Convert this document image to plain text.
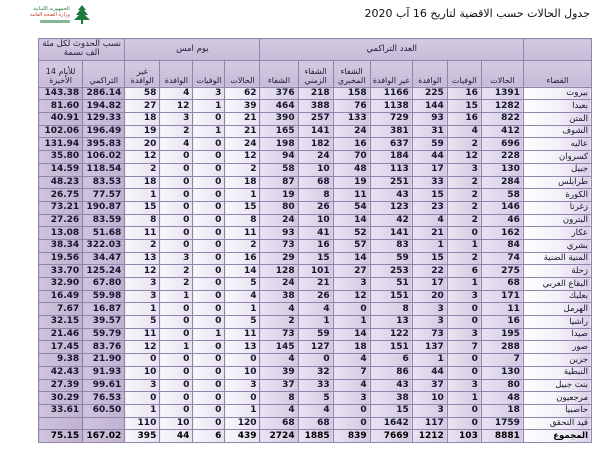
الجمهورية اللبنانية
وزارة الصحة العامة	جدول الحالات حسب الاقضية لتاريخ 16 آب 2020
	العدد التراكمي							يوم امس				نسب الحدوث لكل مئة الف نسمة	
القضاء	الحالات	الوفيات	الوافدة	غير الوافدة	الشفاء المخبري	الشفاء الزمني	الشفاء	الحالات	الوفيات	الوافدة	غير الوافدة	التراكمي	للأيام 14 الأخيرة
بيروت	1391	16	225	1166	158	218	376	62	3	4	58	286.14	143.38
بعبدا	1282	15	144	1138	76	388	464	39	1	12	27	194.82	81.60
المتن	822	16	93	729	133	257	390	21	0	3	18	129.33	40.91
الشوف	412	4	31	381	24	141	165	21	1	2	19	196.49	102.06
عاليه	696	2	59	637	16	182	198	24	0	4	20	395.83	131.94
كسروان	228	12	44	184	70	24	94	12	0	0	12	106.02	35.80
جبيل	130	3	17	113	48	10	58	2	0	0	2	118.54	14.59
طرابلس	284	2	33	251	19	68	87	18	0	0	18	83.53	48.23
الكورة	58	2	15	43	11	8	19	1	0	0	1	77.57	26.75
زغرتا	146	2	23	123	54	26	80	15	0	0	15	190.87	73.21
البترون	46	2	4	42	14	10	24	8	0	0	8	83.59	27.26
عكار	162	0	21	141	52	41	93	11	0	0	11	51.68	13.08
بشري	84	1	1	83	57	16	73	2	0	0	2	322.03	38.34
المنية الضنية	74	2	15	59	14	15	29	16	0	3	13	34.47	19.56
زحلة	275	6	22	253	27	101	128	14	0	2	12	125.24	33.70
البقاع الغربي	68	1	17	51	3	21	24	5	0	2	3	67.80	32.90
بعلبك	171	3	20	151	12	26	38	4	0	1	3	59.98	16.49
الهرمل	11	0	3	8	0	4	4	1	0	0	1	16.87	7.67
راشيا	16	0	3	13	1	1	2	5	0	0	5	39.57	32.15
صيدا	195	3	73	122	14	59	73	11	1	0	11	59.79	21.46
صور	288	7	137	151	18	127	145	13	0	1	12	83.76	17.45
جزين	7	0	1	6	4	0	4	0	0	0	0	21.90	9.38
النبطية	130	0	44	86	7	32	39	10	0	0	10	91.93	42.43
بنت جبيل	80	3	37	43	4	33	37	3	0	0	3	99.61	27.39
مرجعيون	48	1	10	38	3	5	8	0	0	0	0	76.53	30.29
حاصبيا	18	0	3	15	0	4	4	1	0	0	1	60.50	33.61
قيد التحقق	1759	0	117	1642	0	68	68	120	0	10	110		
المجموع	8881	103	1212	7669	839	1885	2724	439	6	44	395	167.02	75.15
